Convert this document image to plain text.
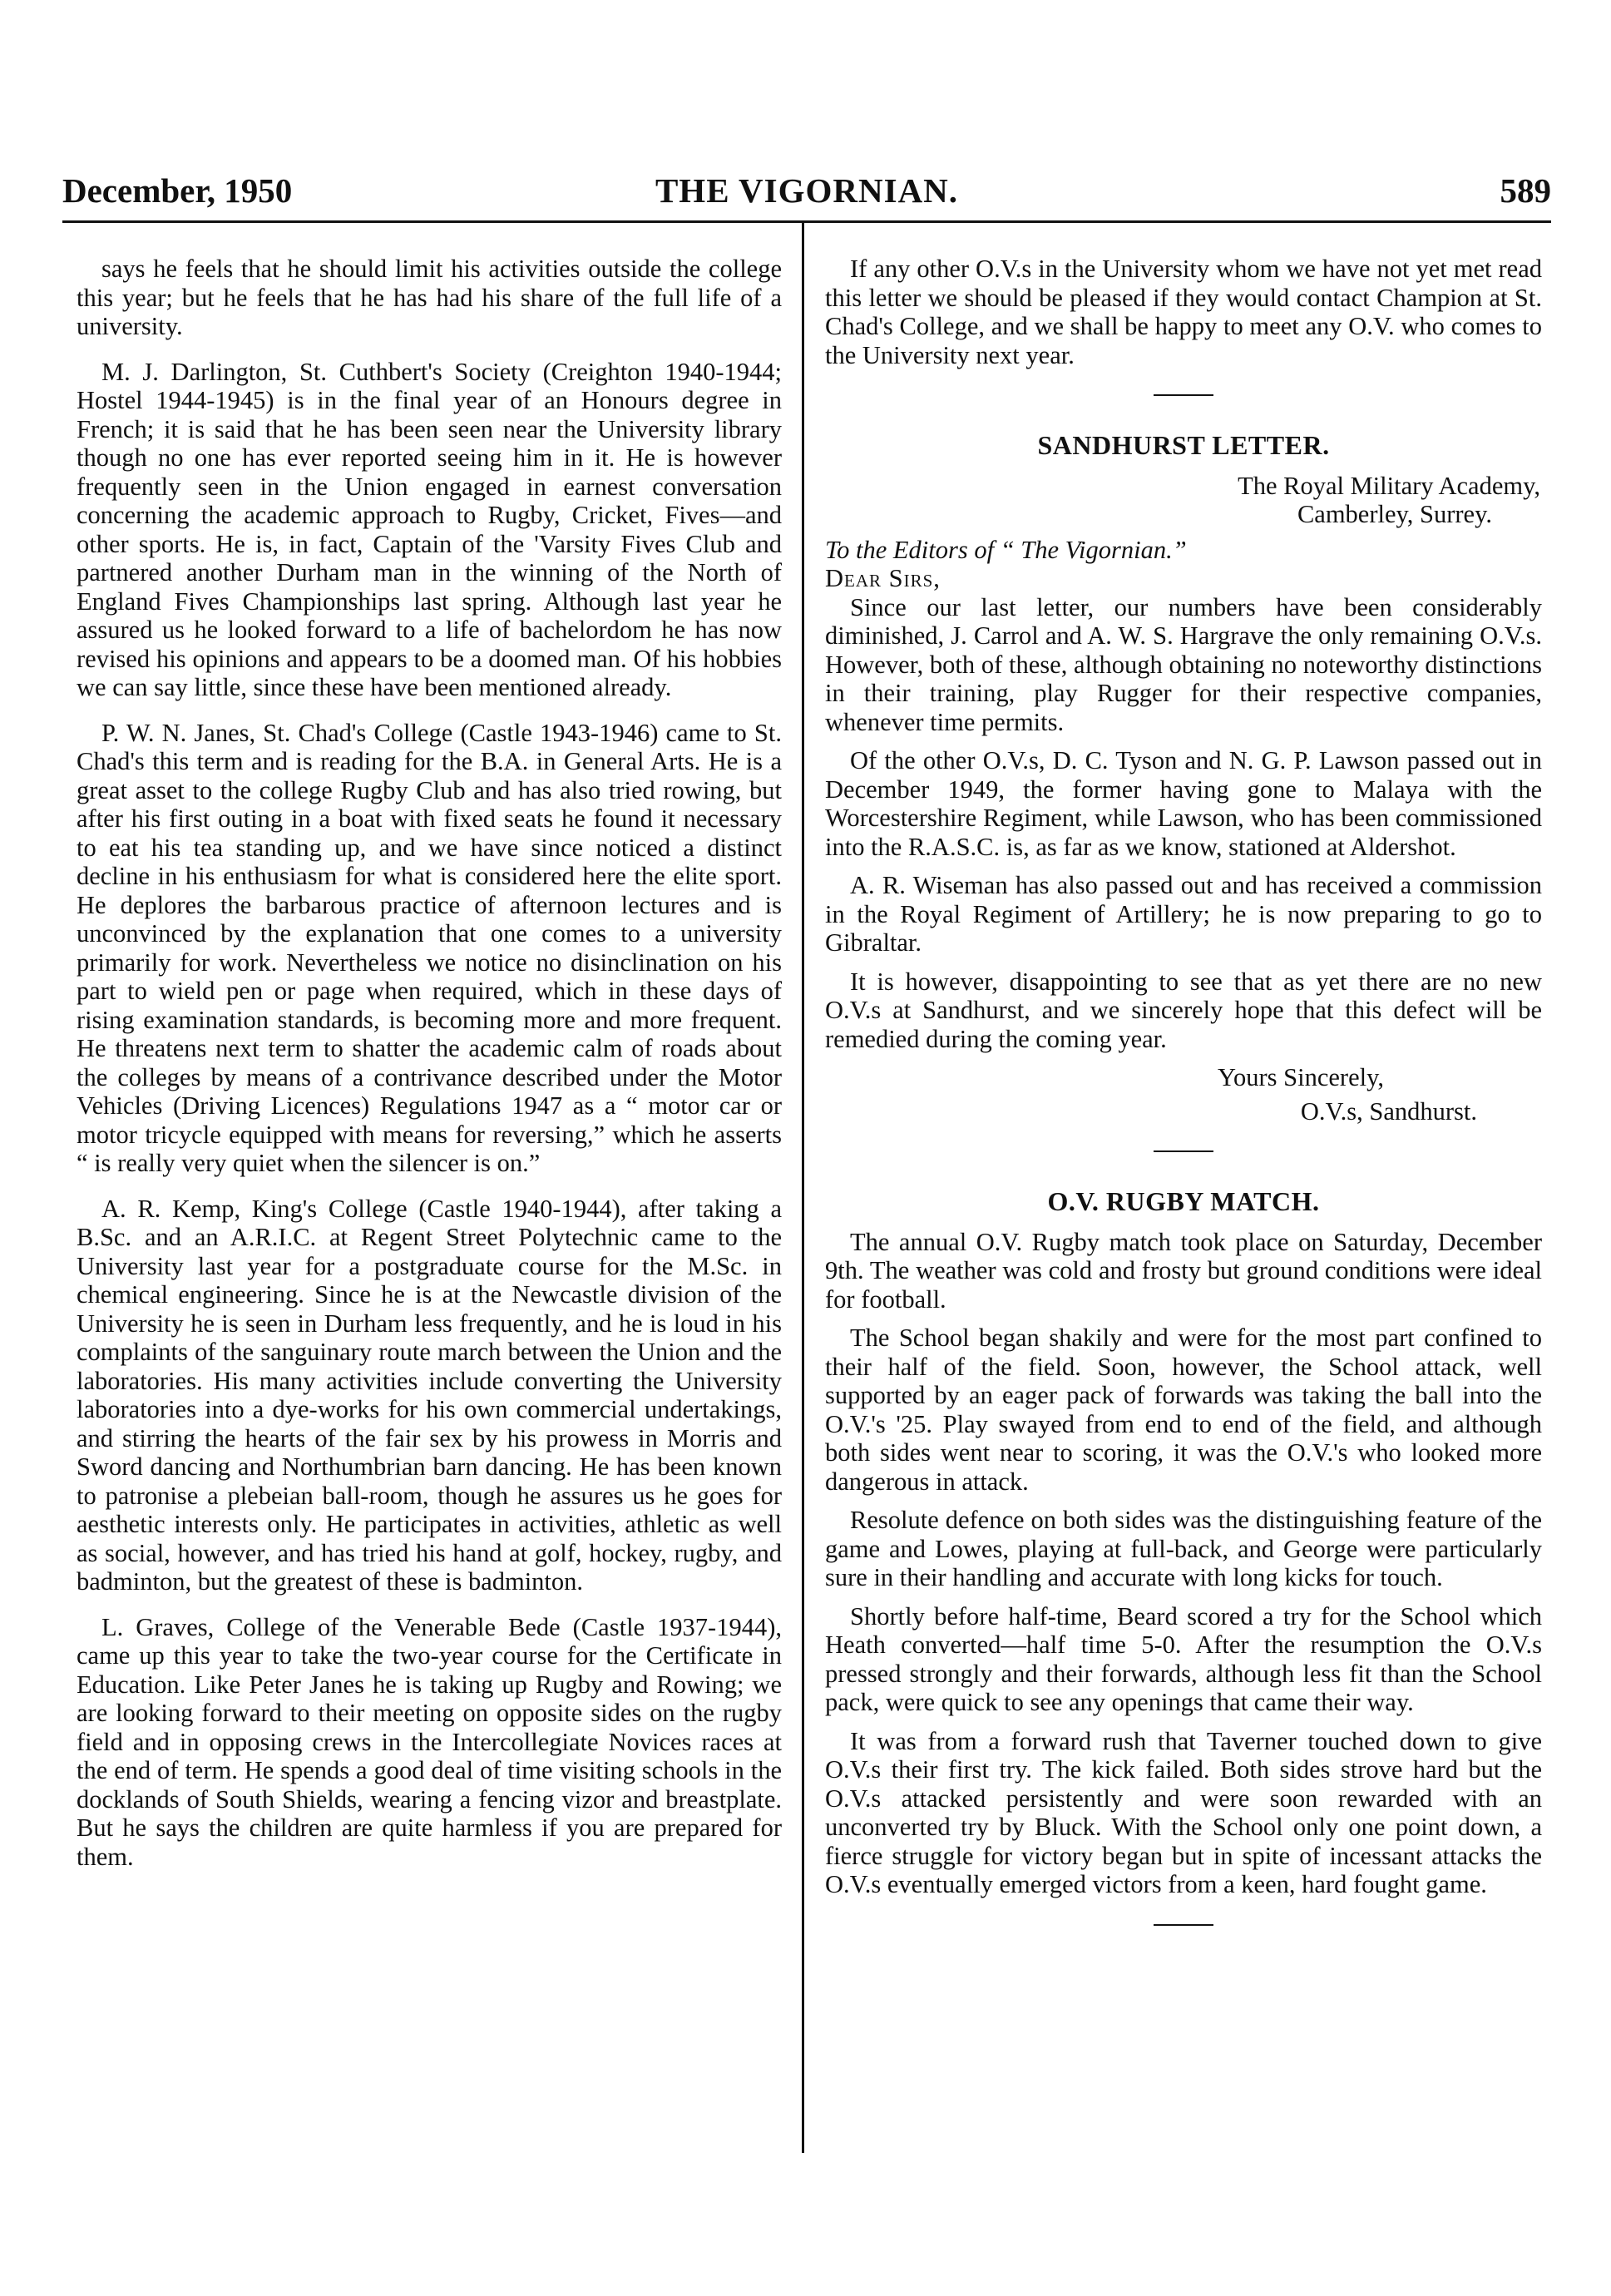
THE VIGORNIAN.
December, 1950	589

says he feels that he should limit his activities outside the college this year; but he feels that he has had his share of the full life of a university.

M. J. Darlington, St. Cuthbert's Society (Creighton 1940-1944; Hostel 1944-1945) is in the final year of an Honours degree in French; it is said that he has been seen near the University library though no one has ever reported seeing him in it. He is however frequently seen in the Union engaged in earnest conversation concerning the academic approach to Rugby, Cricket, Fives—and other sports. He is, in fact, Captain of the 'Varsity Fives Club and partnered another Durham man in the winning of the North of England Fives Championships last spring. Although last year he assured us he looked forward to a life of bachelordom he has now revised his opinions and appears to be a doomed man. Of his hobbies we can say little, since these have been mentioned already.

P. W. N. Janes, St. Chad's College (Castle 1943-1946) came to St. Chad's this term and is reading for the B.A. in General Arts. He is a great asset to the college Rugby Club and has also tried rowing, but after his first outing in a boat with fixed seats he found it necessary to eat his tea standing up, and we have since noticed a distinct decline in his enthusiasm for what is considered here the elite sport. He deplores the barbarous practice of afternoon lectures and is unconvinced by the explanation that one comes to a university primarily for work. Nevertheless we notice no disinclination on his part to wield pen or page when required, which in these days of rising examination standards, is becoming more and more frequent. He threatens next term to shatter the academic calm of roads about the colleges by means of a contrivance described under the Motor Vehicles (Driving Licences) Regulations 1947 as a “ motor car or motor tricycle equipped with means for reversing,” which he asserts “ is really very quiet when the silencer is on.”

A. R. Kemp, King's College (Castle 1940-1944), after taking a B.Sc. and an A.R.I.C. at Regent Street Polytechnic came to the University last year for a postgraduate course for the M.Sc. in chemical engineering. Since he is at the Newcastle division of the University he is seen in Durham less frequently, and he is loud in his complaints of the sanguinary route march between the Union and the laboratories. His many activities include converting the University laboratories into a dye-works for his own commercial undertakings, and stirring the hearts of the fair sex by his prowess in Morris and Sword dancing and Northumbrian barn dancing. He has been known to patronise a plebeian ball-room, though he assures us he goes for aesthetic interests only. He participates in activities, athletic as well as social, however, and has tried his hand at golf, hockey, rugby, and badminton, but the greatest of these is badminton.

L. Graves, College of the Venerable Bede (Castle 1937-1944), came up this year to take the two-year course for the Certificate in Education. Like Peter Janes he is taking up Rugby and Rowing; we are looking forward to their meeting on opposite sides on the rugby field and in opposing crews in the Intercollegiate Novices races at the end of term. He spends a good deal of time visiting schools in the docklands of South Shields, wearing a fencing vizor and breastplate. But he says the children are quite harmless if you are prepared for them.

If any other O.V.s in the University whom we have not yet met read this letter we should be pleased if they would contact Champion at St. Chad's College, and we shall be happy to meet any O.V. who comes to the University next year.

SANDHURST LETTER.

The Royal Military Academy,

Camberley, Surrey.

To the Editors of “ The Vigornian.”

Dear Sirs,

Since our last letter, our numbers have been considerably diminished, J. Carrol and A. W. S. Hargrave the only remaining O.V.s. However, both of these, although obtaining no noteworthy distinctions in their training, play Rugger for their respective companies, whenever time permits.

Of the other O.V.s, D. C. Tyson and N. G. P. Lawson passed out in December 1949, the former having gone to Malaya with the Worcestershire Regiment, while Lawson, who has been commissioned into the R.A.S.C. is, as far as we know, stationed at Aldershot.

A. R. Wiseman has also passed out and has received a commission in the Royal Regiment of Artillery; he is now preparing to go to Gibraltar.

It is however, disappointing to see that as yet there are no new O.V.s at Sandhurst, and we sincerely hope that this defect will be remedied during the coming year.

Yours Sincerely,

O.V.s, Sandhurst.

O.V. RUGBY MATCH.

The annual O.V. Rugby match took place on Saturday, December 9th. The weather was cold and frosty but ground conditions were ideal for football.

The School began shakily and were for the most part confined to their half of the field. Soon, however, the School attack, well supported by an eager pack of forwards was taking the ball into the O.V.'s '25. Play swayed from end to end of the field, and although both sides went near to scoring, it was the O.V.'s who looked more dangerous in attack.

Resolute defence on both sides was the distinguishing feature of the game and Lowes, playing at full-back, and George were particularly sure in their handling and accurate with long kicks for touch.

Shortly before half-time, Beard scored a try for the School which Heath converted—half time 5-0. After the resumption the O.V.s pressed strongly and their forwards, although less fit than the School pack, were quick to see any openings that came their way.

It was from a forward rush that Taverner touched down to give O.V.s their first try. The kick failed. Both sides strove hard but the O.V.s attacked persistently and were soon rewarded with an unconverted try by Bluck. With the School only one point down, a fierce struggle for victory began but in spite of incessant attacks the O.V.s eventually emerged victors from a keen, hard fought game.
